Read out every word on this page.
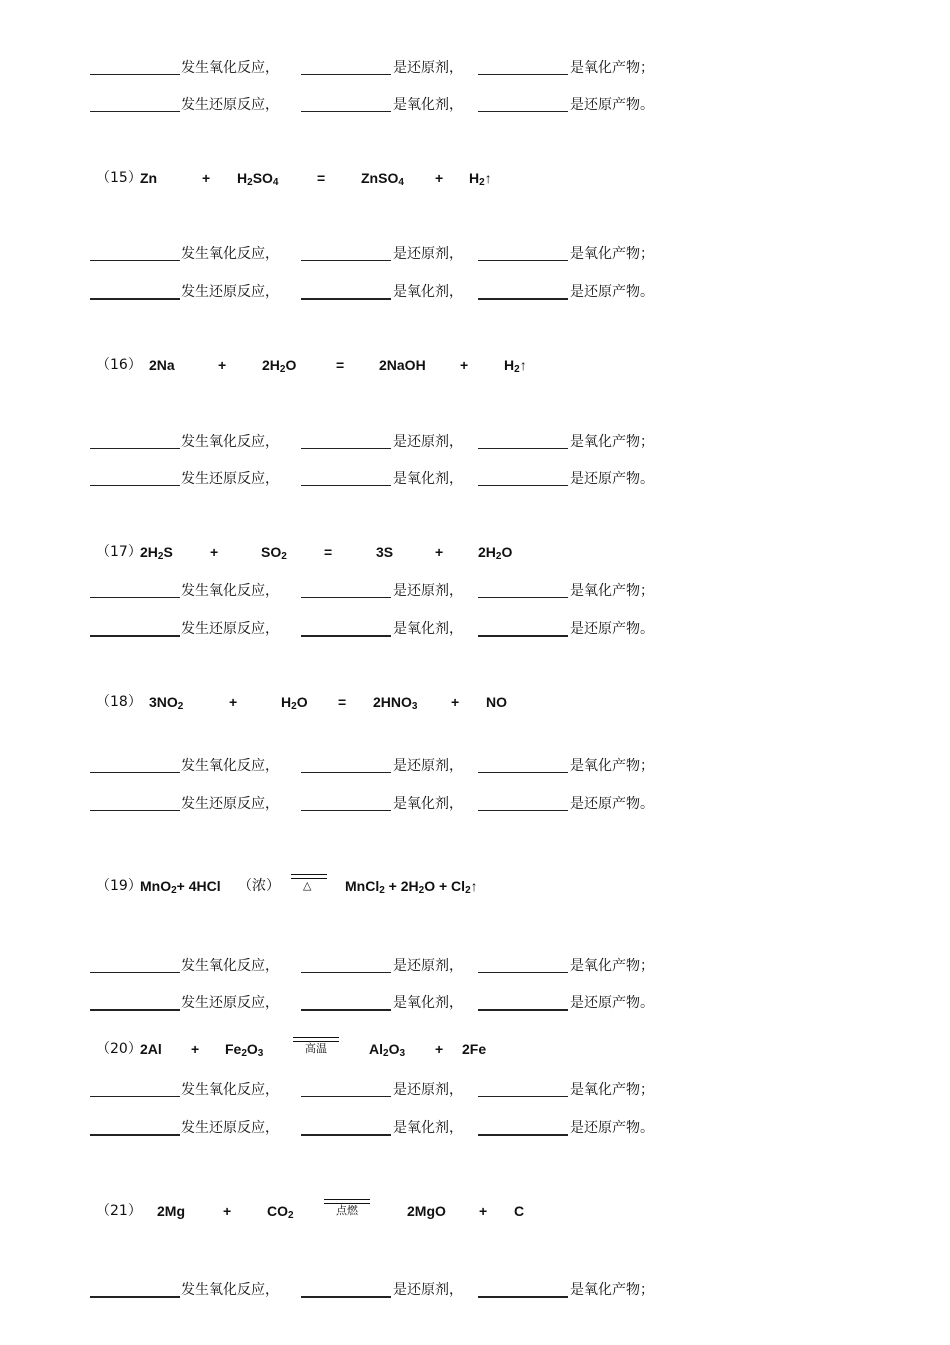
发生氧化反应，	是还原剂，	是氧化产物；
发生还原反应，	是氧化剂，	是还原产物。
（15）
Zn	+ $H_2SO_4$	=	ZnSO$_4$ + $H_2↑$
发生氧化反应，	是还原剂，	是氧化产物；
发生还原反应，	是氧化剂，	是还原产物。
（16） 2Na	+	$2H_2O$	= 2NaOH +	$H_2↑$
发生氧化反应，	是还原剂，	是氧化产物；
发生还原反应，	是氧化剂，	是还原产物。
（17）
$2H_2S$	+	$SO_2$	=	3S	+ $2H_2O$
发生氧化反应，	是还原剂，	是氧化产物；
发生还原反应，	是氧化剂，	是还原产物。
（18） $3NO_2$	+	$H_2O = 2HNO_3$ + NO
发生氧化反应，	是还原剂，	是氧化产物；
发生还原反应，	是氧化剂，	是还原产物。
（19）
MnO$_2$+ 4HCl （浓） △ MnCl$_2$ + $2H_2O$ + $Cl_2↑$
发生氧化反应，	是还原剂，	是氧化产物；
发生还原反应，	是氧化剂，	是还原产物。
（20）
$2Al + Fe_2O_3$	高温	$Al_2O_3 + 2Fe$
发生氧化反应，	是还原剂，	是氧化产物；
发生还原反应，	是氧化剂，	是还原产物。
（21） 2Mg	+	$CO_2$	点燃	2MgO + C
发生氧化反应，	是还原剂，	是氧化产物；
